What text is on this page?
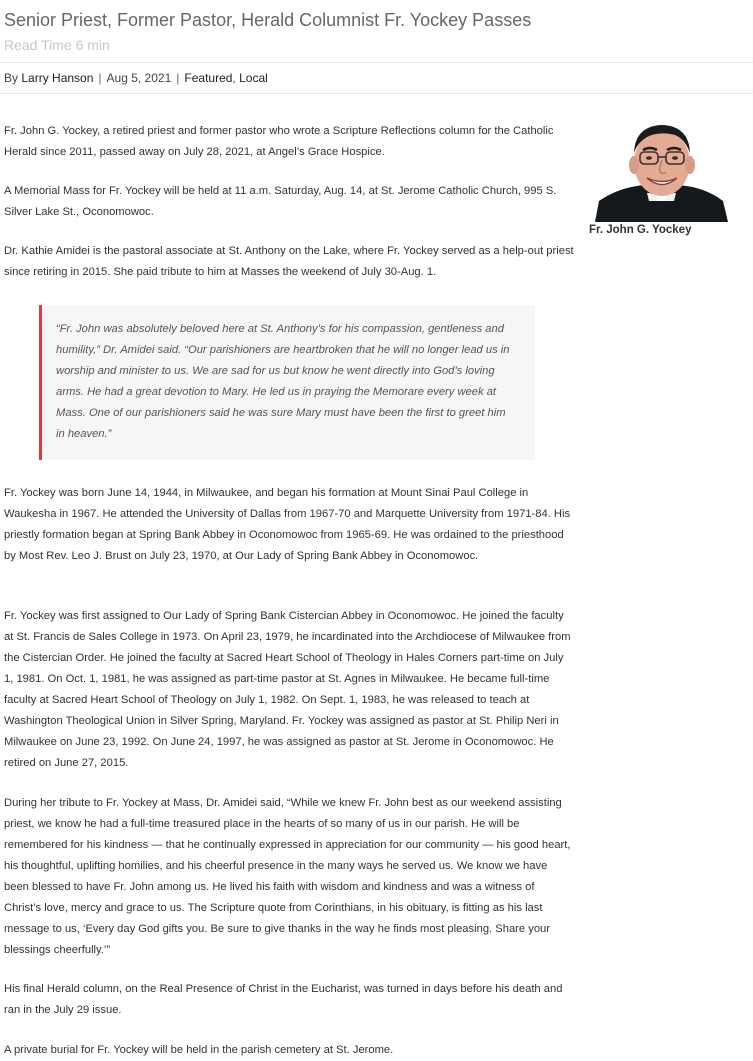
Senior Priest, Former Pastor, Herald Columnist Fr. Yockey Passes
Read Time 6 min
By Larry Hanson | Aug 5, 2021 | Featured, Local

Fr. John G. Yockey, a retired priest and former pastor who wrote a Scripture Reflections column for the Catholic Herald since 2011, passed away on July 28, 2021, at Angel’s Grace Hospice.

A Memorial Mass for Fr. Yockey will be held at 11 a.m. Saturday, Aug. 14, at St. Jerome Catholic Church, 995 S. Silver Lake St., Oconomowoc.

Dr. Kathie Amidei is the pastoral associate at St. Anthony on the Lake, where Fr. Yockey served as a help-out priest since retiring in 2015. She paid tribute to him at Masses the weekend of July 30-Aug. 1.

“Fr. John was absolutely beloved here at St. Anthony’s for his compassion, gentleness and humility,” Dr. Amidei said. “Our parishioners are heartbroken that he will no longer lead us in worship and minister to us. We are sad for us but know he went directly into God’s loving arms. He had a great devotion to Mary. He led us in praying the Memorare every week at Mass. One of our parishioners said he was sure Mary must have been the first to greet him in heaven.”

Fr. Yockey was born June 14, 1944, in Milwaukee, and began his formation at Mount Sinai Paul College in Waukesha in 1967. He attended the University of Dallas from 1967-70 and Marquette University from 1971-84. His priestly formation began at Spring Bank Abbey in Oconomowoc from 1965-69. He was ordained to the priesthood by Most Rev. Leo J. Brust on July 23, 1970, at Our Lady of Spring Bank Abbey in Oconomowoc.

Fr. Yockey was first assigned to Our Lady of Spring Bank Cistercian Abbey in Oconomowoc. He joined the faculty at St. Francis de Sales College in 1973. On April 23, 1979, he incardinated into the Archdiocese of Milwaukee from the Cistercian Order. He joined the faculty at Sacred Heart School of Theology in Hales Corners part-time on July 1, 1981. On Oct. 1, 1981, he was assigned as part-time pastor at St. Agnes in Milwaukee. He became full-time faculty at Sacred Heart School of Theology on July 1, 1982. On Sept. 1, 1983, he was released to teach at Washington Theological Union in Silver Spring, Maryland. Fr. Yockey was assigned as pastor at St. Philip Neri in Milwaukee on June 23, 1992. On June 24, 1997, he was assigned as pastor at St. Jerome in Oconomowoc. He retired on June 27, 2015.

During her tribute to Fr. Yockey at Mass, Dr. Amidei said, “While we knew Fr. John best as our weekend assisting priest, we know he had a full-time treasured place in the hearts of so many of us in our parish. He will be remembered for his kindness — that he continually expressed in appreciation for our community — his good heart, his thoughtful, uplifting homilies, and his cheerful presence in the many ways he served us. We know we have been blessed to have Fr. John among us. He lived his faith with wisdom and kindness and was a witness of Christ’s love, mercy and grace to us. The Scripture quote from Corinthians, in his obituary, is fitting as his last message to us, ‘Every day God gifts you. Be sure to give thanks in the way he finds most pleasing. Share your blessings cheerfully.’”

His final Herald column, on the Real Presence of Christ in the Eucharist, was turned in days before his death and ran in the July 29 issue.

A private burial for Fr. Yockey will be held in the parish cemetery at St. Jerome.

Fr. John G. Yockey
